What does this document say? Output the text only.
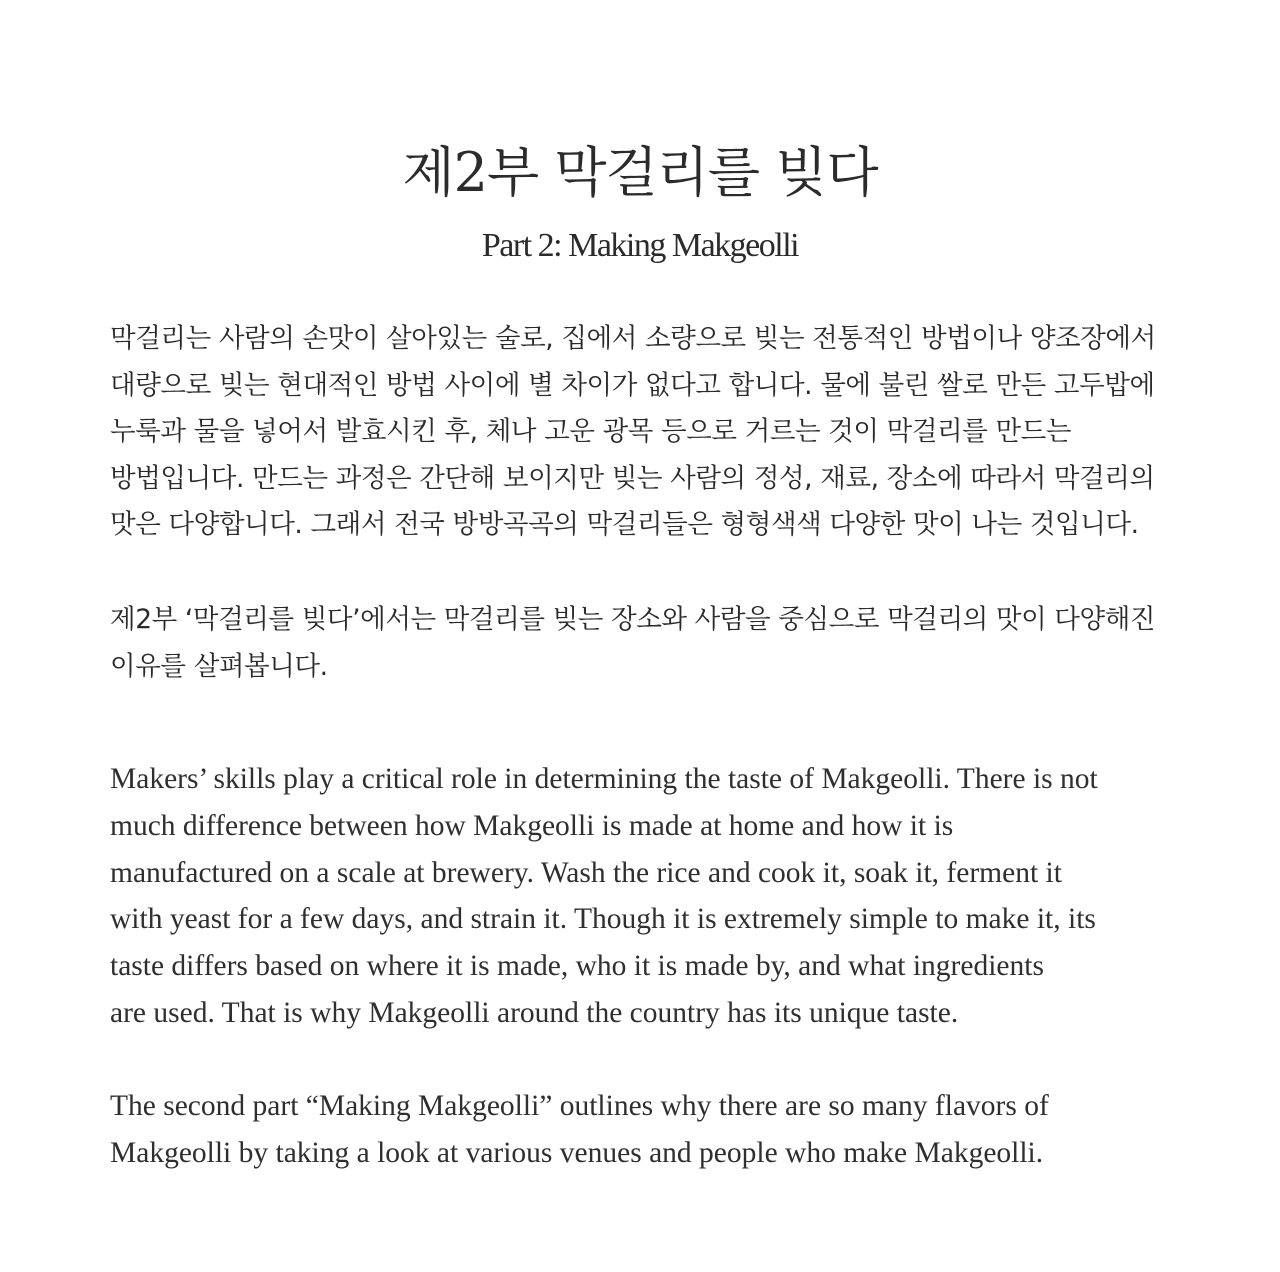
제2부 막걸리를 빚다
Part 2: Making Makgeolli

막걸리는 사람의 손맛이 살아있는 술로, 집에서 소량으로 빚는 전통적인 방법이나 양조장에서
대량으로 빚는 현대적인 방법 사이에 별 차이가 없다고 합니다. 물에 불린 쌀로 만든 고두밥에
누룩과 물을 넣어서 발효시킨 후, 체나 고운 광목 등으로 거르는 것이 막걸리를 만드는
방법입니다. 만드는 과정은 간단해 보이지만 빚는 사람의 정성, 재료, 장소에 따라서 막걸리의
맛은 다양합니다. 그래서 전국 방방곡곡의 막걸리들은 형형색색 다양한 맛이 나는 것입니다.

제2부 ‘막걸리를 빚다’에서는 막걸리를 빚는 장소와 사람을 중심으로 막걸리의 맛이 다양해진
이유를 살펴봅니다.

Makers’ skills play a critical role in determining the taste of Makgeolli. There is not
much difference between how Makgeolli is made at home and how it is
manufactured on a scale at brewery. Wash the rice and cook it, soak it, ferment it
with yeast for a few days, and strain it. Though it is extremely simple to make it, its
taste differs based on where it is made, who it is made by, and what ingredients
are used. That is why Makgeolli around the country has its unique taste.

The second part “Making Makgeolli” outlines why there are so many flavors of
Makgeolli by taking a look at various venues and people who make Makgeolli.
